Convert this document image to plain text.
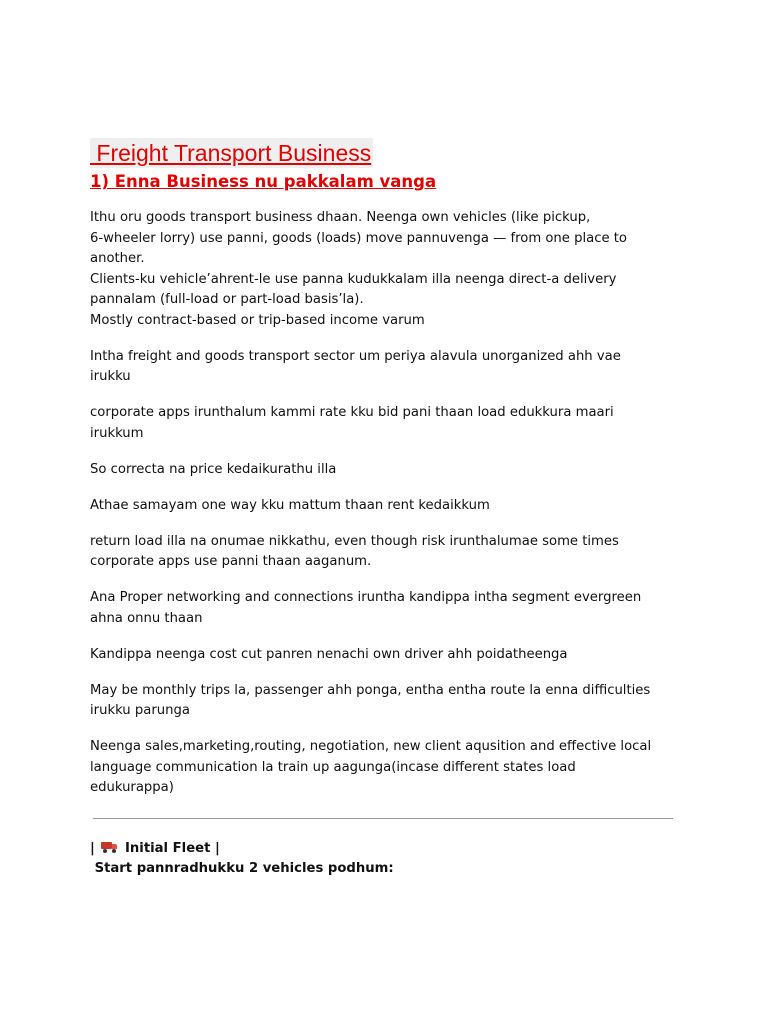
Freight Transport Business
1) Enna Business nu pakkalam vanga
Ithu oru goods transport business dhaan. Neenga own vehicles (like pickup,
6-wheeler lorry) use panni, goods (loads) move pannuvenga — from one place to
another.
Clients-ku vehicle’ahrent-le use panna kudukkalam illa neenga direct-a delivery
pannalam (full-load or part-load basis’la).
Mostly contract-based or trip-based income varum
Intha freight and goods transport sector um periya alavula unorganized ahh vae
irukku
corporate apps irunthalum kammi rate kku bid pani thaan load edukkura maari
irukkum
So correcta na price kedaikurathu illa
Athae samayam one way kku mattum thaan rent kedaikkum
return load illa na onumae nikkathu, even though risk irunthalumae some times
corporate apps use panni thaan aaganum.
Ana Proper networking and connections iruntha kandippa intha segment evergreen
ahna onnu thaan
Kandippa neenga cost cut panren nenachi own driver ahh poidatheenga
May be monthly trips la, passenger ahh ponga, entha entha route la enna difficulties
irukku parunga
Neenga sales,marketing,routing, negotiation, new client aqusition and effective local
language communication la train up aagunga(incase different states load
edukurappa)
|
Initial Fleet |
Start pannradhukku 2 vehicles podhum:
